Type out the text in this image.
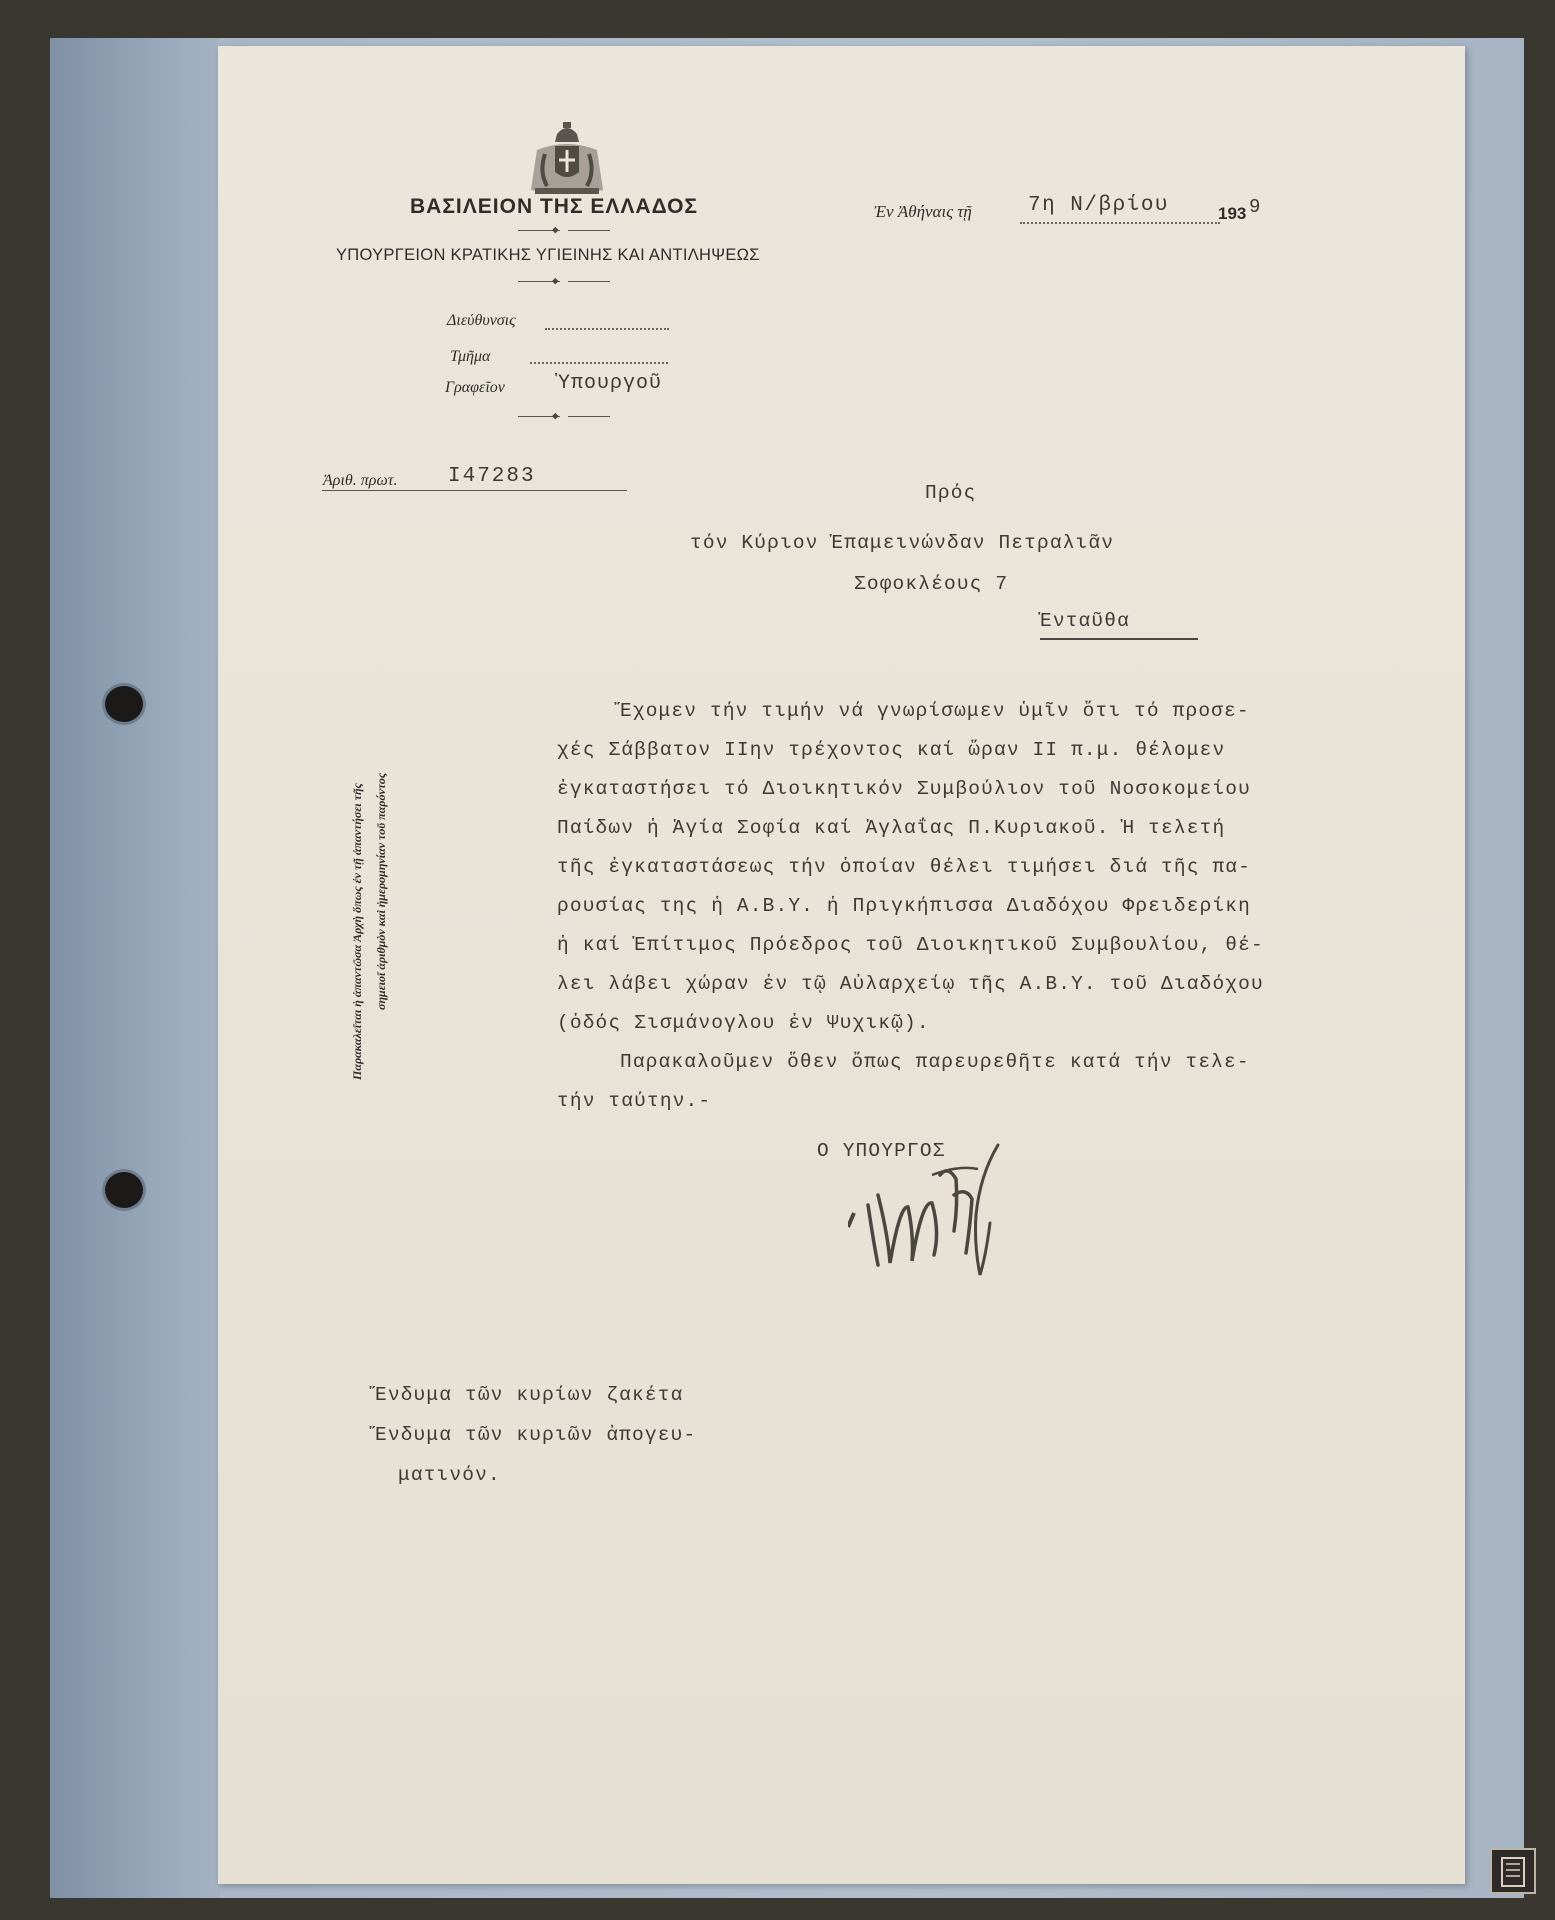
ΒΑΣΙΛΕΙΟΝ ΤΗΣ ΕΛΛΑΔΟΣ
◆
ΥΠΟΥΡΓΕΙΟΝ ΚΡΑΤΙΚΗΣ ΥΓΙΕΙΝΗΣ ΚΑΙ ΑΝΤΙΛΗΨΕΩΣ
◆
Διεύθυνσις
Τμῆμα
Γραφεῖον	Ὑπουργοῦ
◆
Ἀριθ. πρωτ. I47283
Ἐν Ἀθήναις τῇ	7η Ν/βρίου	193 9
Πρός
τόν Κύριον Ἐπαμεινώνδαν Πετραλιᾶν
Σοφοκλέους 7
Ἐνταῦθα
Παρακαλεῖται ἡ ἀπαντῶσα Ἀρχὴ ὅπως ἐν τῇ ἀπαντήσει τῆς σημειοῖ ἀριθμὸν καὶ ἡμερομηνίαν τοῦ παρόντος
Ἔχομεν τήν τιμήν νά γνωρίσωμεν ὑμῖν ὅτι τό προσε-
χές Σάββατον IIην τρέχοντος καί ὥραν II π.μ. θέλομεν
ἐγκαταστήσει τό Διοικητικόν Συμβούλιον τοῦ Νοσοκομείου
Παίδων ἡ Ἁγία Σοφία καί Ἀγλαΐας Π.Κυριακοῦ. Ἡ τελετή
τῆς ἐγκαταστάσεως τήν ὁποίαν θέλει τιμήσει διά τῆς πα-
ρουσίας της ἡ Α.Β.Υ. ἡ Πριγκήπισσα Διαδόχου Φρειδερίκη
ἡ καί Ἐπίτιμος Πρόεδρος τοῦ Διοικητικοῦ Συμβουλίου, θέ-
λει λάβει χώραν ἐν τῷ Αὐλαρχείῳ τῆς Α.Β.Υ. τοῦ Διαδόχου
(ὁδός Σισμάνογλου ἐν Ψυχικῷ).
Παρακαλοῦμεν ὅθεν ὅπως παρευρεθῆτε κατά τήν τελε-
τήν ταύτην.-
Ο ΥΠΟΥΡΓΟΣ
Ἔνδυμα τῶν κυρίων ζακέτα
Ἔνδυμα τῶν κυριῶν ἀπογευ-
ματινόν.
